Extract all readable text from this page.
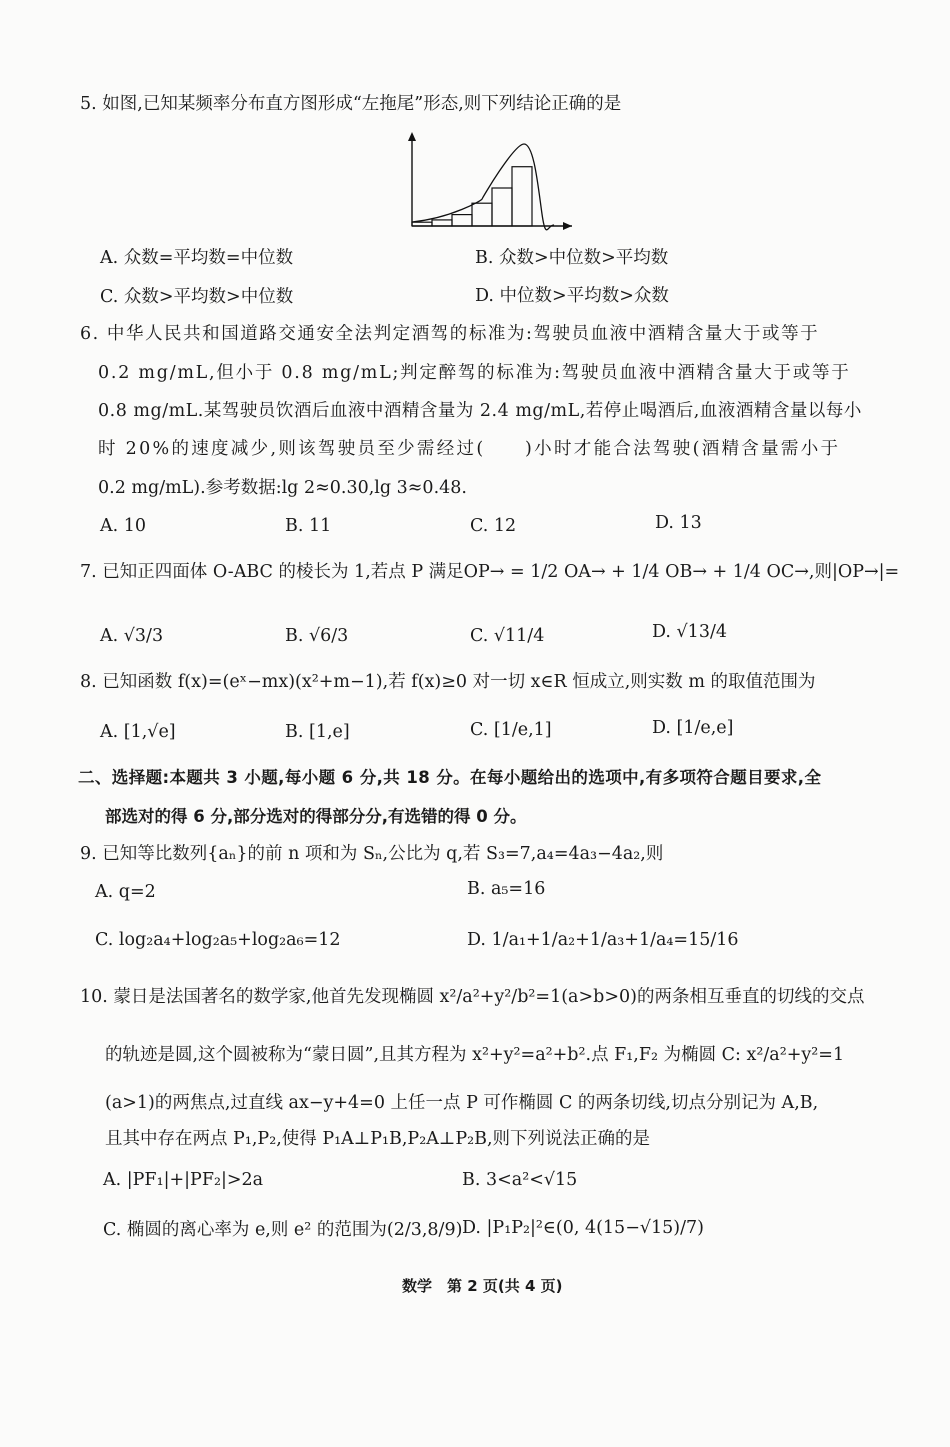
5. 如图,已知某频率分布直方图形成“左拖尾”形态,则下列结论正确的是
A. 众数=平均数=中位数	B. 众数>中位数>平均数
C. 众数>平均数>中位数	D. 中位数>平均数>众数
6. 中华人民共和国道路交通安全法判定酒驾的标准为:驾驶员血液中酒精含量大于或等于
0.2 mg/mL,但小于 0.8 mg/mL;判定醉驾的标准为:驾驶员血液中酒精含量大于或等于
0.8 mg/mL.某驾驶员饮酒后血液中酒精含量为 2.4 mg/mL,若停止喝酒后,血液酒精含量以每小
时 20%的速度减少,则该驾驶员至少需经过(　　)小时才能合法驾驶(酒精含量需小于
0.2 mg/mL).参考数据:lg 2≈0.30,lg 3≈0.48.
A. 10	B. 11	C. 12	D. 13
7. 已知正四面体 O-ABC 的棱长为 1,若点 P 满足OP→ = 1/2 OA→ + 1/4 OB→ + 1/4 OC→,则|OP→|=
A. √3/3	B. √6/3	C. √11/4	D. √13/4
8. 已知函数 f(x)=(eˣ−mx)(x²+m−1),若 f(x)≥0 对一切 x∈R 恒成立,则实数 m 的取值范围为
A. [1,√e]	B. [1,e]	C. [1/e,1]	D. [1/e,e]
二、选择题:本题共 3 小题,每小题 6 分,共 18 分。在每小题给出的选项中,有多项符合题目要求,全
部选对的得 6 分,部分选对的得部分分,有选错的得 0 分。
9. 已知等比数列{aₙ}的前 n 项和为 Sₙ,公比为 q,若 S₃=7,a₄=4a₃−4a₂,则
A. q=2	B. a₅=16
C. log₂a₄+log₂a₅+log₂a₆=12	D. 1/a₁+1/a₂+1/a₃+1/a₄=15/16
10. 蒙日是法国著名的数学家,他首先发现椭圆 x²/a²+y²/b²=1(a>b>0)的两条相互垂直的切线的交点
的轨迹是圆,这个圆被称为“蒙日圆”,且其方程为 x²+y²=a²+b².点 F₁,F₂ 为椭圆 C: x²/a²+y²=1
(a>1)的两焦点,过直线 ax−y+4=0 上任一点 P 可作椭圆 C 的两条切线,切点分别记为 A,B,
且其中存在两点 P₁,P₂,使得 P₁A⊥P₁B,P₂A⊥P₂B,则下列说法正确的是
A. |PF₁|+|PF₂|>2a	B. 3<a²<√15
C. 椭圆的离心率为 e,则 e² 的范围为(2/3,8/9) D. |P₁P₂|²∈(0, 4(15−√15)/7)
数学　第 2 页(共 4 页)
